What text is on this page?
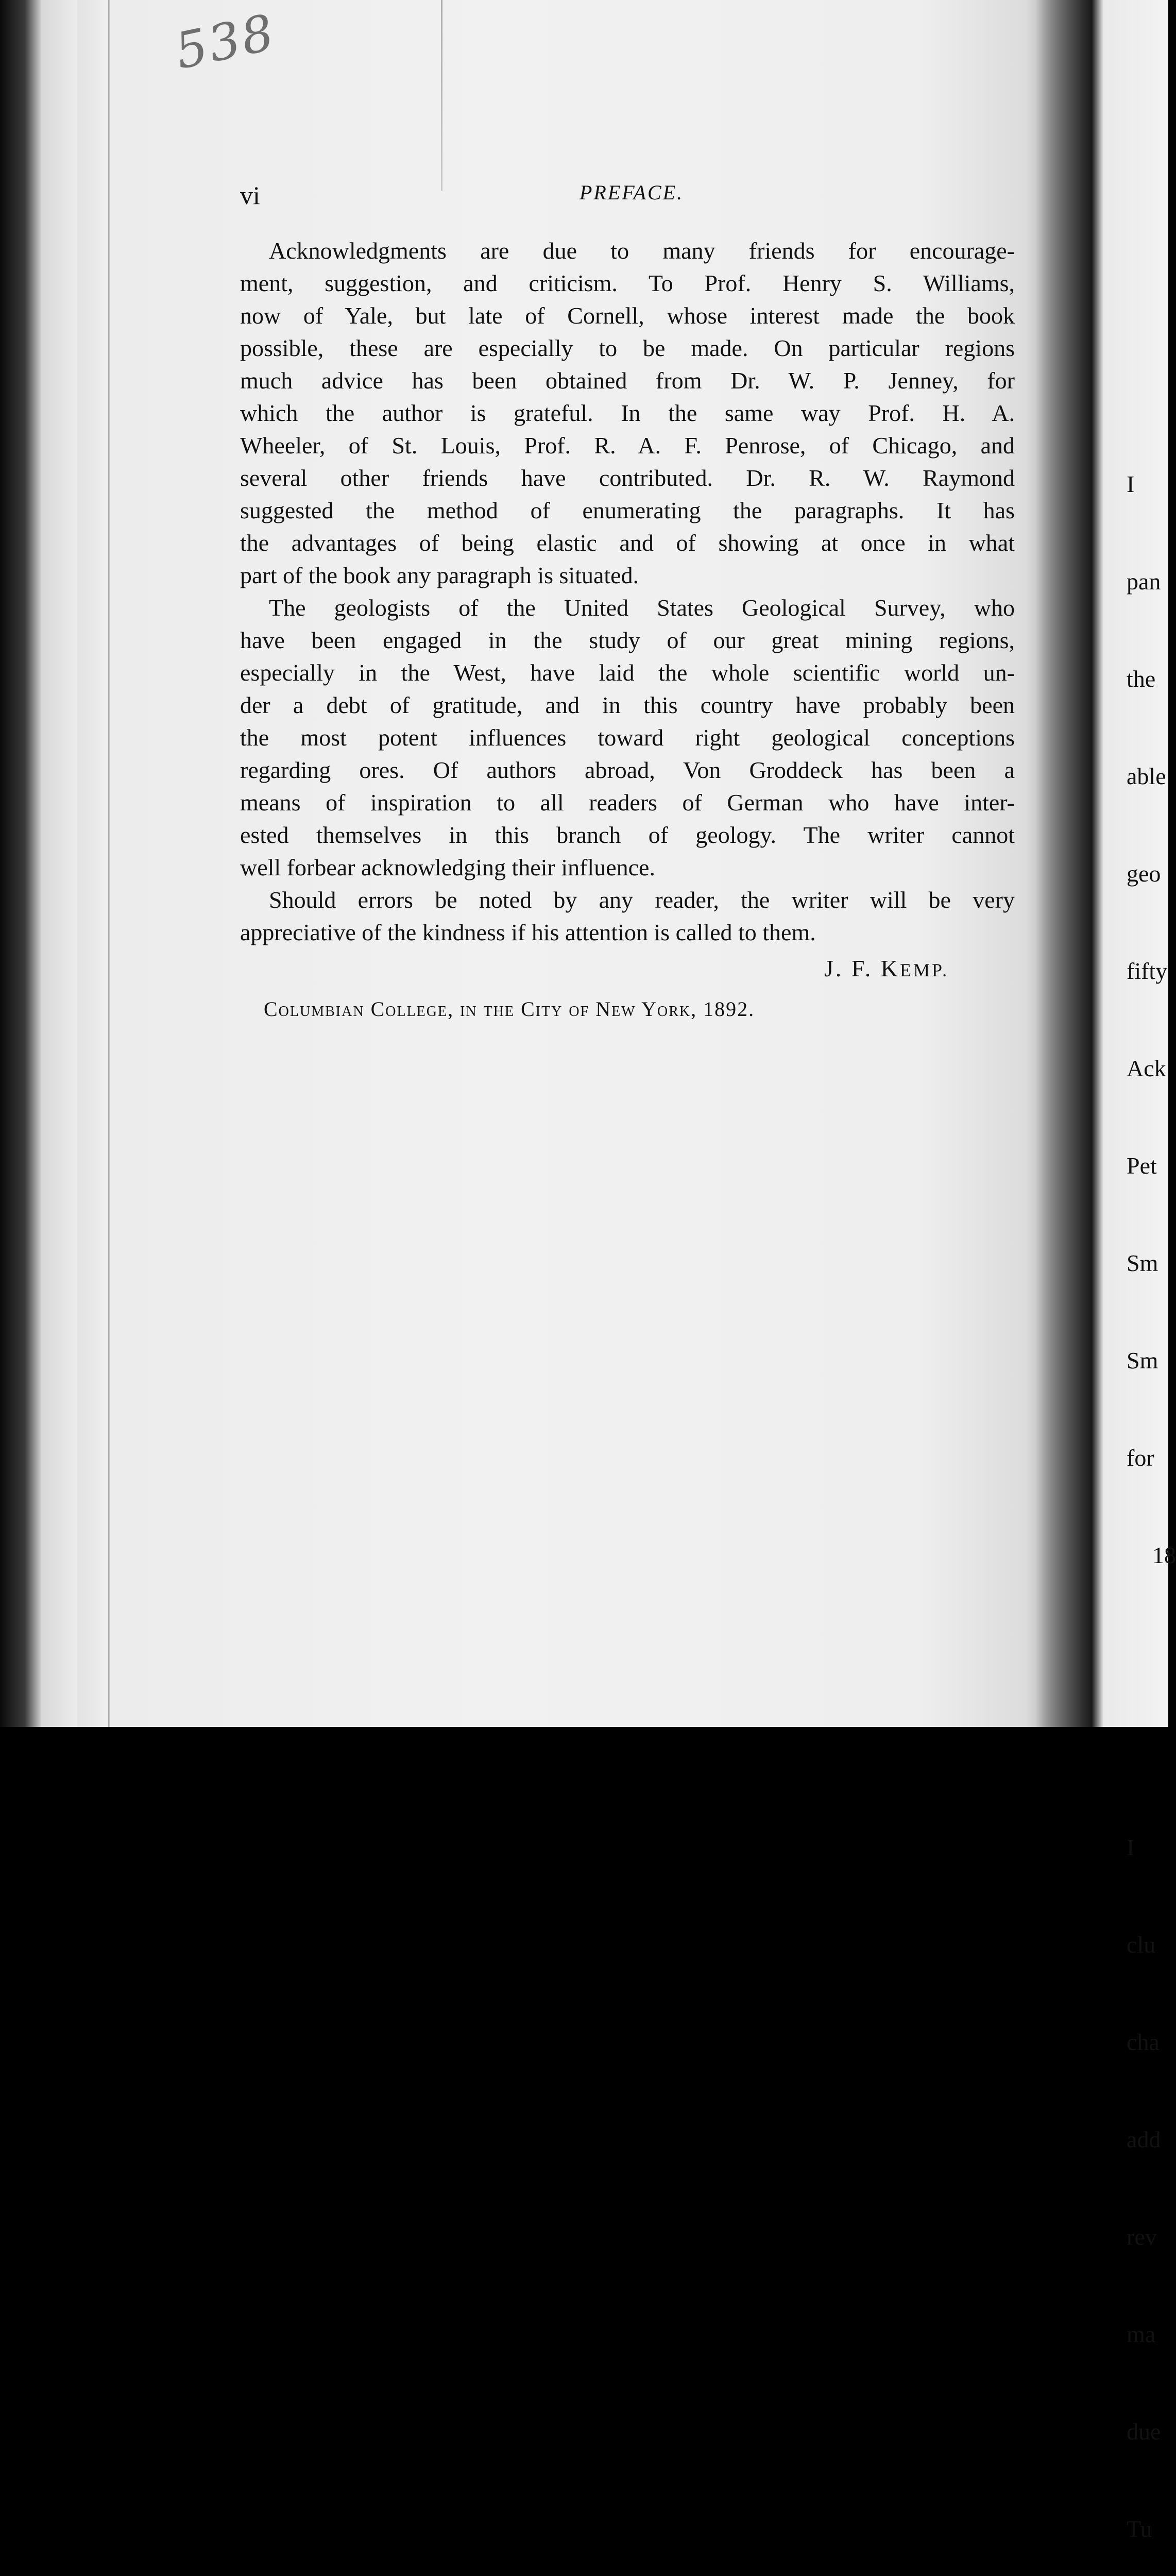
538
vi	PREFACE.

Acknowledgments are due to many friends for encourage-
ment, suggestion, and criticism. To Prof. Henry S. Williams,
now of Yale, but late of Cornell, whose interest made the book
possible, these are especially to be made. On particular regions
much advice has been obtained from Dr. W. P. Jenney, for
which the author is grateful. In the same way Prof. H. A.
Wheeler, of St. Louis, Prof. R. A. F. Penrose, of Chicago, and
several other friends have contributed. Dr. R. W. Raymond
suggested the method of enumerating the paragraphs. It has
the advantages of being elastic and of showing at once in what
part of the book any paragraph is situated.

The geologists of the United States Geological Survey, who
have been engaged in the study of our great mining regions,
especially in the West, have laid the whole scientific world un-
der a debt of gratitude, and in this country have probably been
the most potent influences toward right geological conceptions
regarding ores. Of authors abroad, Von Groddeck has been a
means of inspiration to all readers of German who have inter-
ested themselves in this branch of geology. The writer cannot
well forbear acknowledging their influence.

Should errors be noted by any reader, the writer will be very
appreciative of the kindness if his attention is called to them.

J. F. KEMP.
Columbian College, in the City of New York, 1892.

I

pan

the

able

geo

fifty

Ack

Pet

Sm

Sm

for

18

I

clu

cha

add

rev

ma

due

Tu
